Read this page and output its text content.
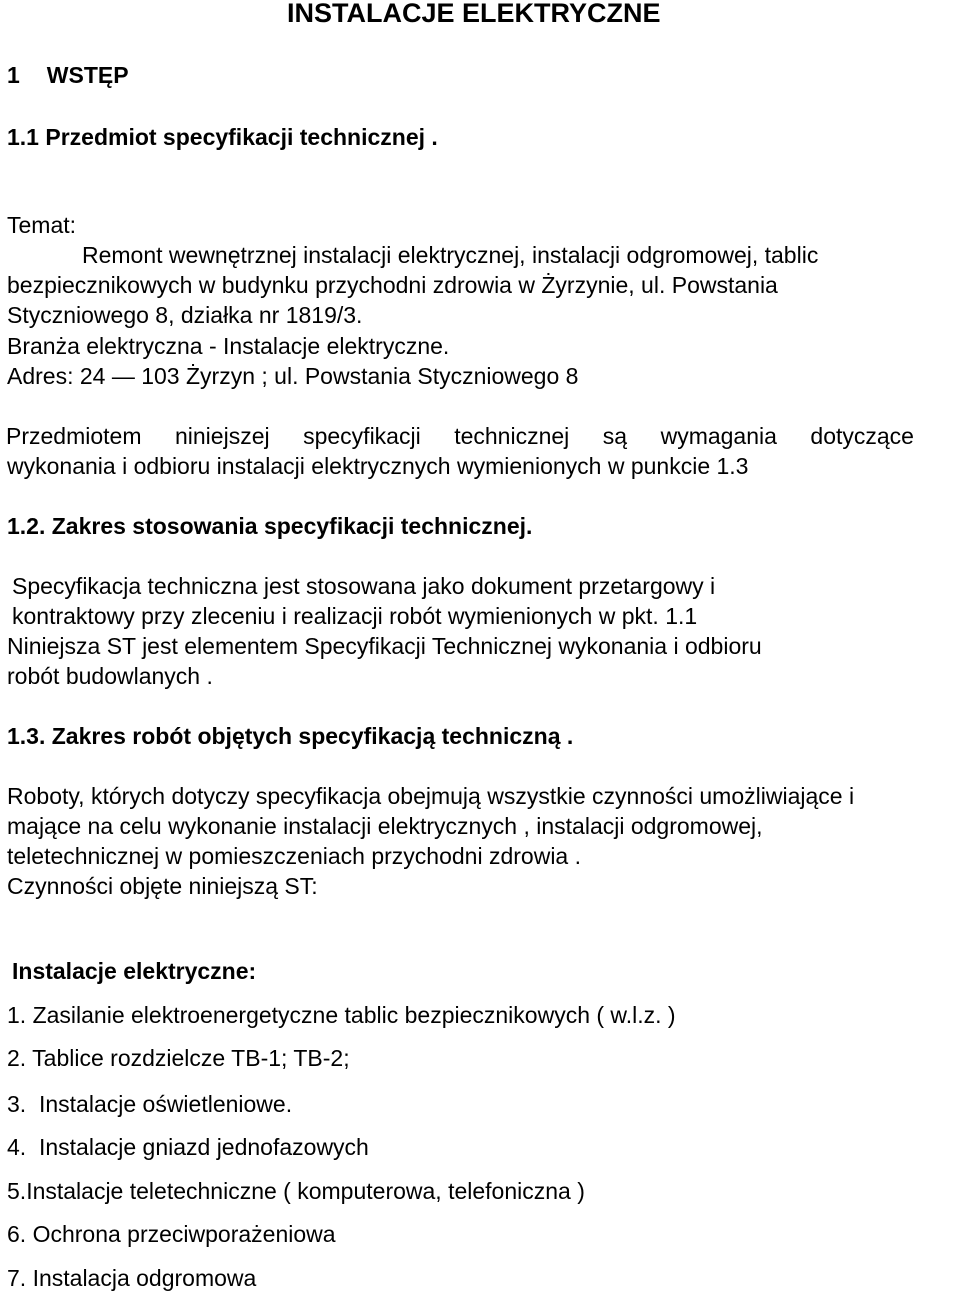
INSTALACJE ELEKTRYCZNE
1 WSTĘP
1.1 Przedmiot specyfikacji technicznej .
Temat:
Remont wewnętrznej instalacji elektrycznej, instalacji odgromowej, tablic
bezpiecznikowych w budynku przychodni zdrowia w Żyrzynie, ul. Powstania
Styczniowego 8, działka nr 1819/3.
Branża elektryczna - Instalacje elektryczne.
Adres: 24 — 103 Żyrzyn ; ul. Powstania Styczniowego 8
Przedmiotem niniejszej specyfikacji technicznej są wymagania dotyczące
wykonania i odbioru instalacji elektrycznych wymienionych w punkcie 1.3
1.2. Zakres stosowania specyfikacji technicznej.
Specyfikacja techniczna jest stosowana jako dokument przetargowy i
kontraktowy przy zleceniu i realizacji robót wymienionych w pkt. 1.1
Niniejsza ST jest elementem Specyfikacji Technicznej wykonania i odbioru
robót budowlanych .
1.3. Zakres robót objętych specyfikacją techniczną .
Roboty, których dotyczy specyfikacja obejmują wszystkie czynności umożliwiające i
mające na celu wykonanie instalacji elektrycznych , instalacji odgromowej,
teletechnicznej w pomieszczeniach przychodni zdrowia .
Czynności objęte niniejszą ST:
Instalacje elektryczne:
1. Zasilanie elektroenergetyczne tablic bezpiecznikowych ( w.l.z. )
2. Tablice rozdzielcze TB-1; TB-2;
3. Instalacje oświetleniowe.
4. Instalacje gniazd jednofazowych
5.Instalacje teletechniczne ( komputerowa, telefoniczna )
6. Ochrona przeciwporażeniowa
7. Instalacja odgromowa
